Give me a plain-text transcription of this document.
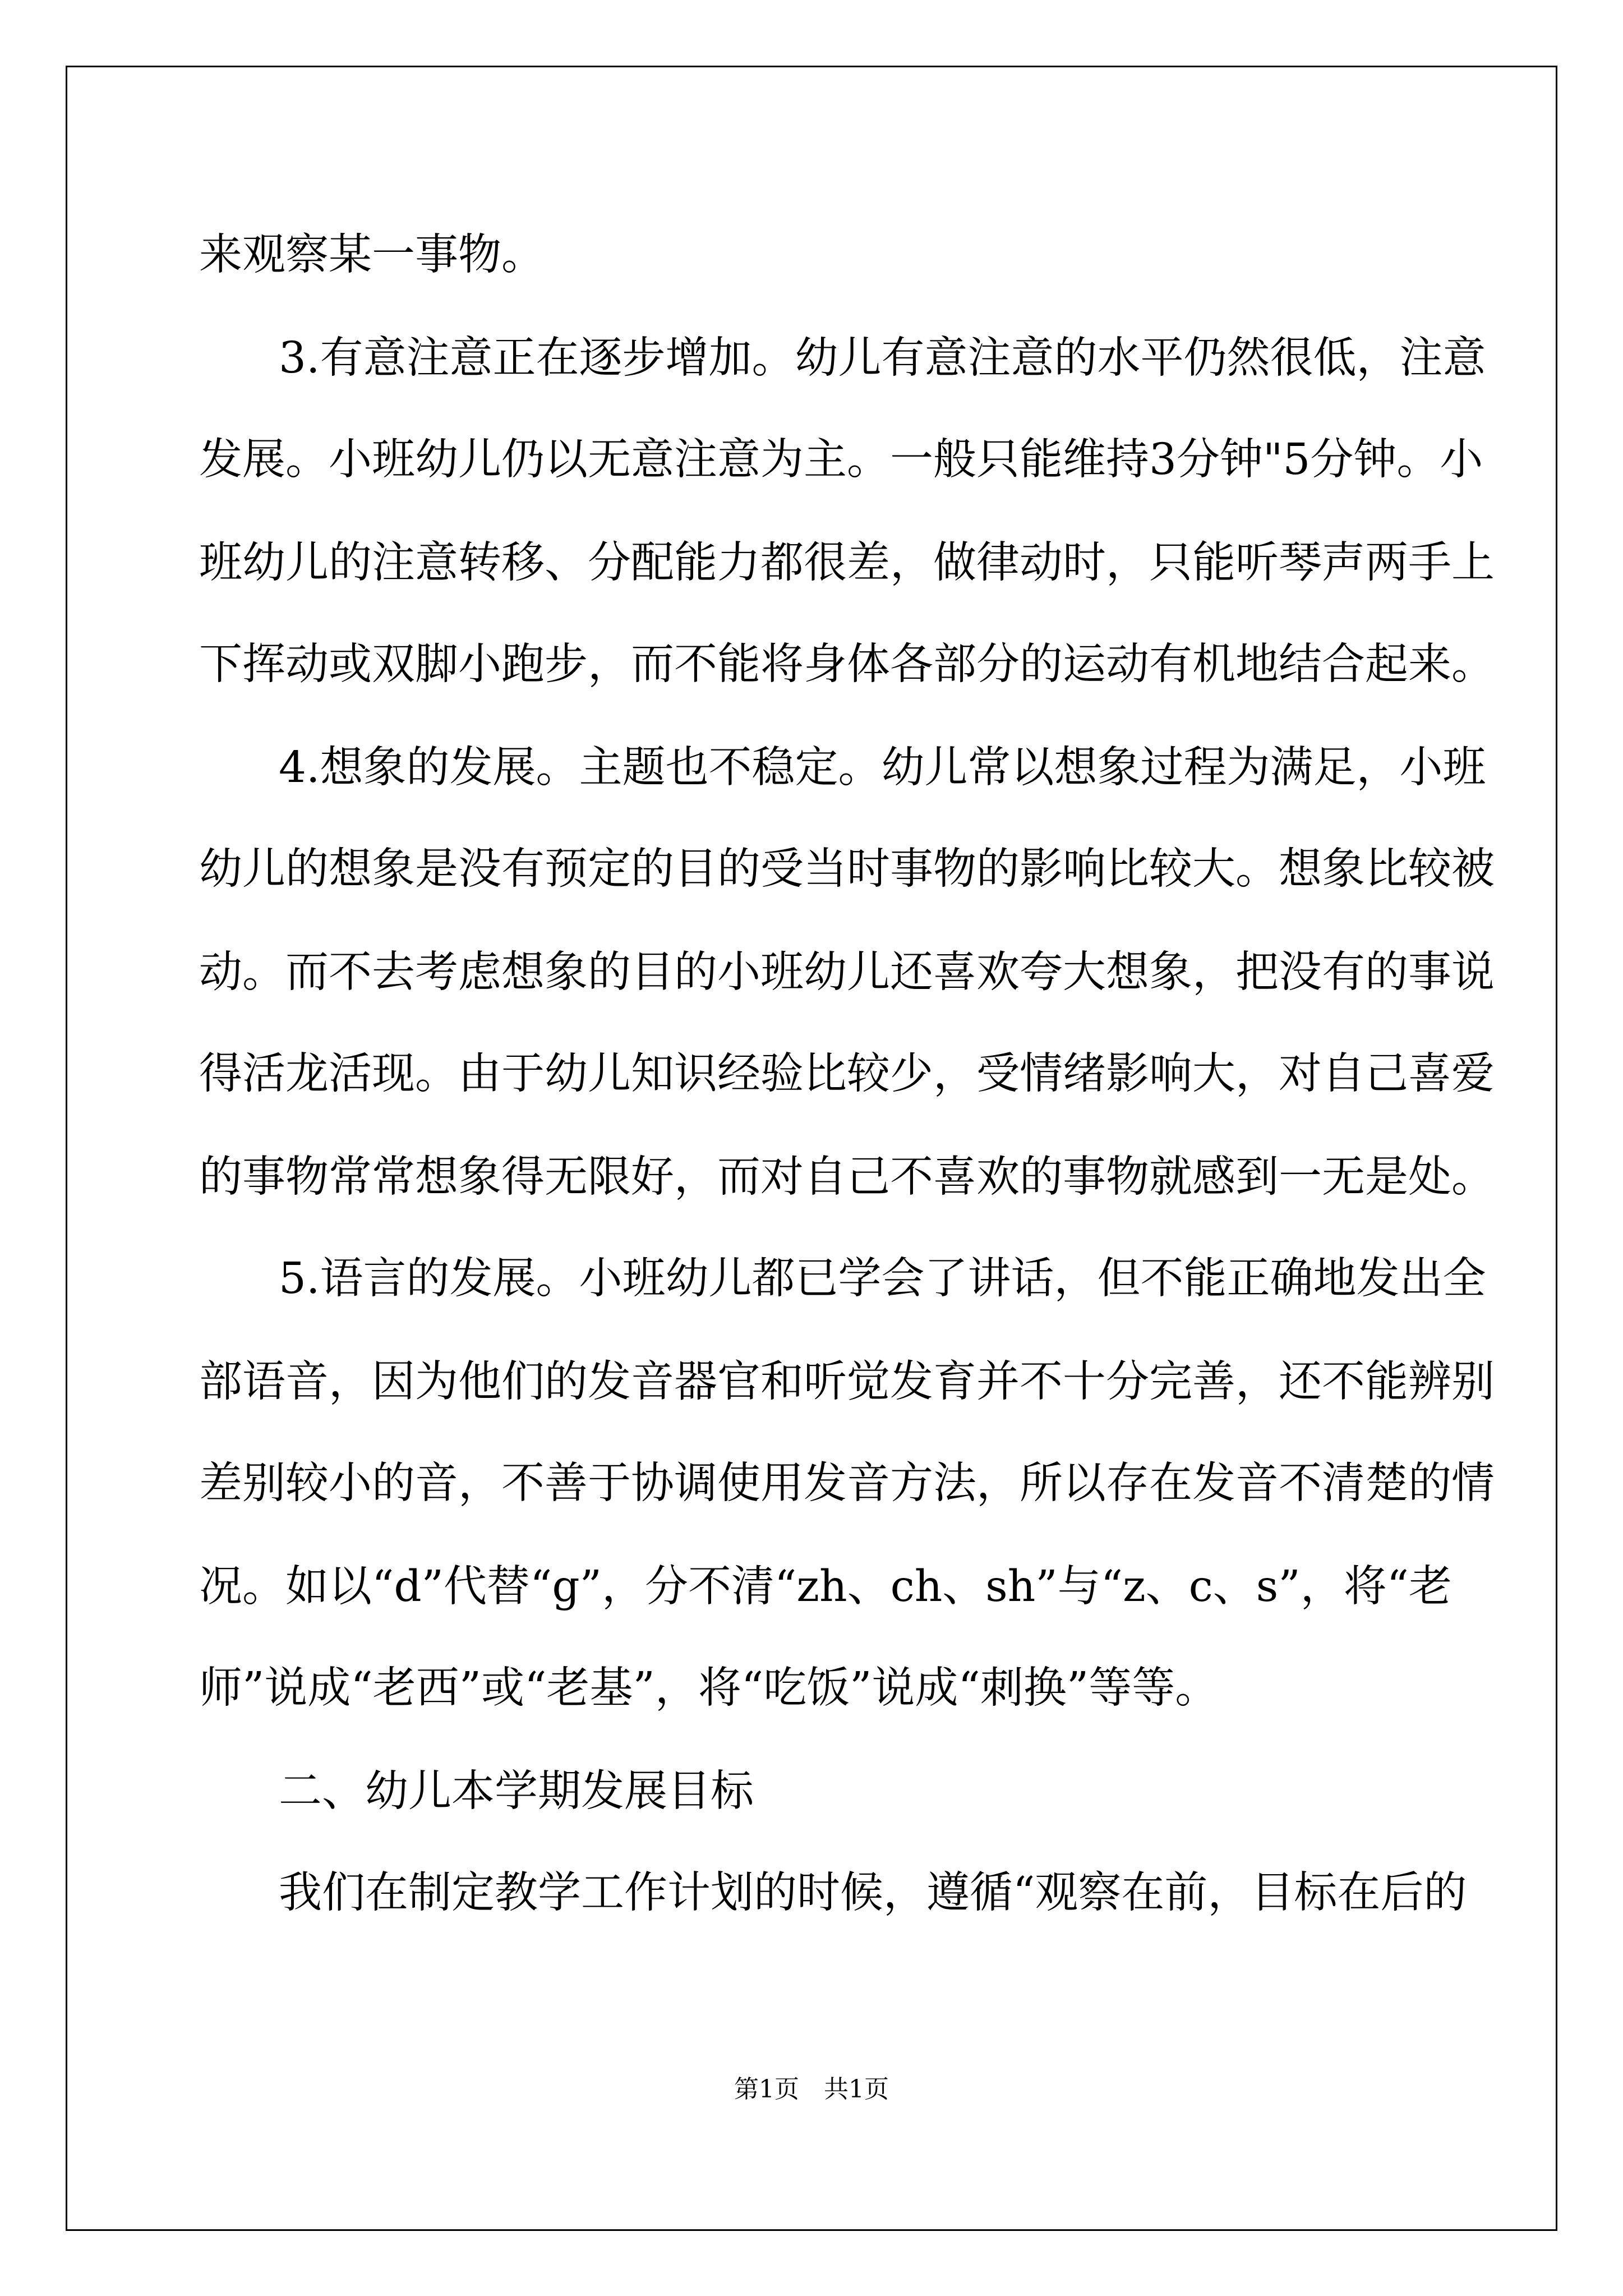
来观察某一事物。
3.有意注意正在逐步增加。幼儿有意注意的水平仍然很低，注意
发展。小班幼儿仍以无意注意为主。一般只能维持3分钟"5分钟。小
班幼儿的注意转移、分配能力都很差，做律动时，只能听琴声两手上
下挥动或双脚小跑步，而不能将身体各部分的运动有机地结合起来。
4.想象的发展。主题也不稳定。幼儿常以想象过程为满足，小班
幼儿的想象是没有预定的目的受当时事物的影响比较大。想象比较被
动。而不去考虑想象的目的小班幼儿还喜欢夸大想象，把没有的事说
得活龙活现。由于幼儿知识经验比较少，受情绪影响大，对自己喜爱
的事物常常想象得无限好，而对自己不喜欢的事物就感到一无是处。
5.语言的发展。小班幼儿都已学会了讲话，但不能正确地发出全
部语音，因为他们的发音器官和听觉发育并不十分完善，还不能辨别
差别较小的音，不善于协调使用发音方法，所以存在发音不清楚的情
况。如以“d”代替“g”，分不清“zh、ch、sh”与“z、c、s”，将“老
师”说成“老西”或“老基”，将“吃饭”说成“刺换”等等。
二、幼儿本学期发展目标
我们在制定教学工作计划的时候，遵循“观察在前，目标在后的
第1页　共1页
